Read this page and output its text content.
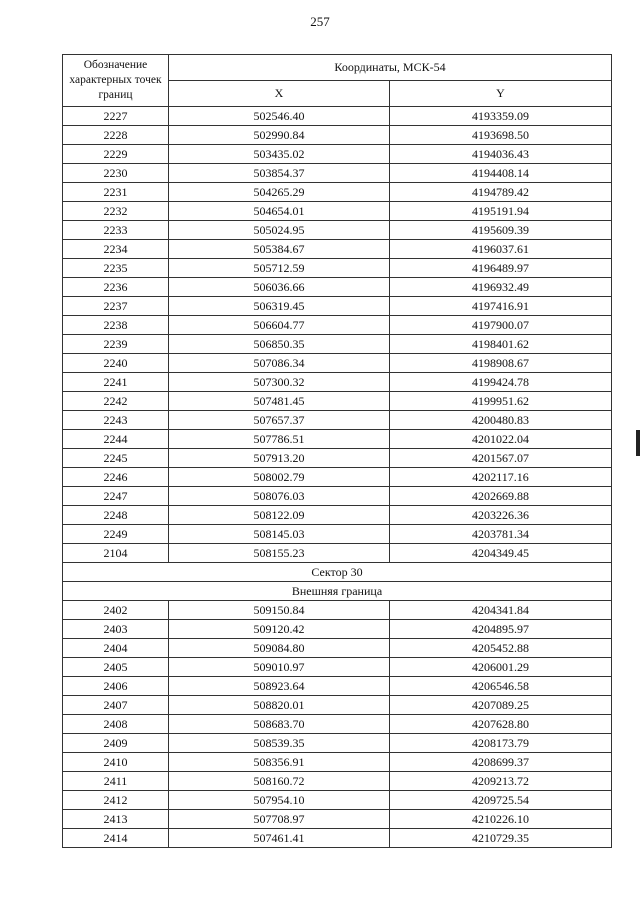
257
Обозначение характерных точек границ	Координаты, МСК-54	
	X	Y
2227	502546.40	4193359.09
2228	502990.84	4193698.50
2229	503435.02	4194036.43
2230	503854.37	4194408.14
2231	504265.29	4194789.42
2232	504654.01	4195191.94
2233	505024.95	4195609.39
2234	505384.67	4196037.61
2235	505712.59	4196489.97
2236	506036.66	4196932.49
2237	506319.45	4197416.91
2238	506604.77	4197900.07
2239	506850.35	4198401.62
2240	507086.34	4198908.67
2241	507300.32	4199424.78
2242	507481.45	4199951.62
2243	507657.37	4200480.83
2244	507786.51	4201022.04
2245	507913.20	4201567.07
2246	508002.79	4202117.16
2247	508076.03	4202669.88
2248	508122.09	4203226.36
2249	508145.03	4203781.34
2104	508155.23	4204349.45
Сектор 30		
Внешняя граница		
2402	509150.84	4204341.84
2403	509120.42	4204895.97
2404	509084.80	4205452.88
2405	509010.97	4206001.29
2406	508923.64	4206546.58
2407	508820.01	4207089.25
2408	508683.70	4207628.80
2409	508539.35	4208173.79
2410	508356.91	4208699.37
2411	508160.72	4209213.72
2412	507954.10	4209725.54
2413	507708.97	4210226.10
2414	507461.41	4210729.35
